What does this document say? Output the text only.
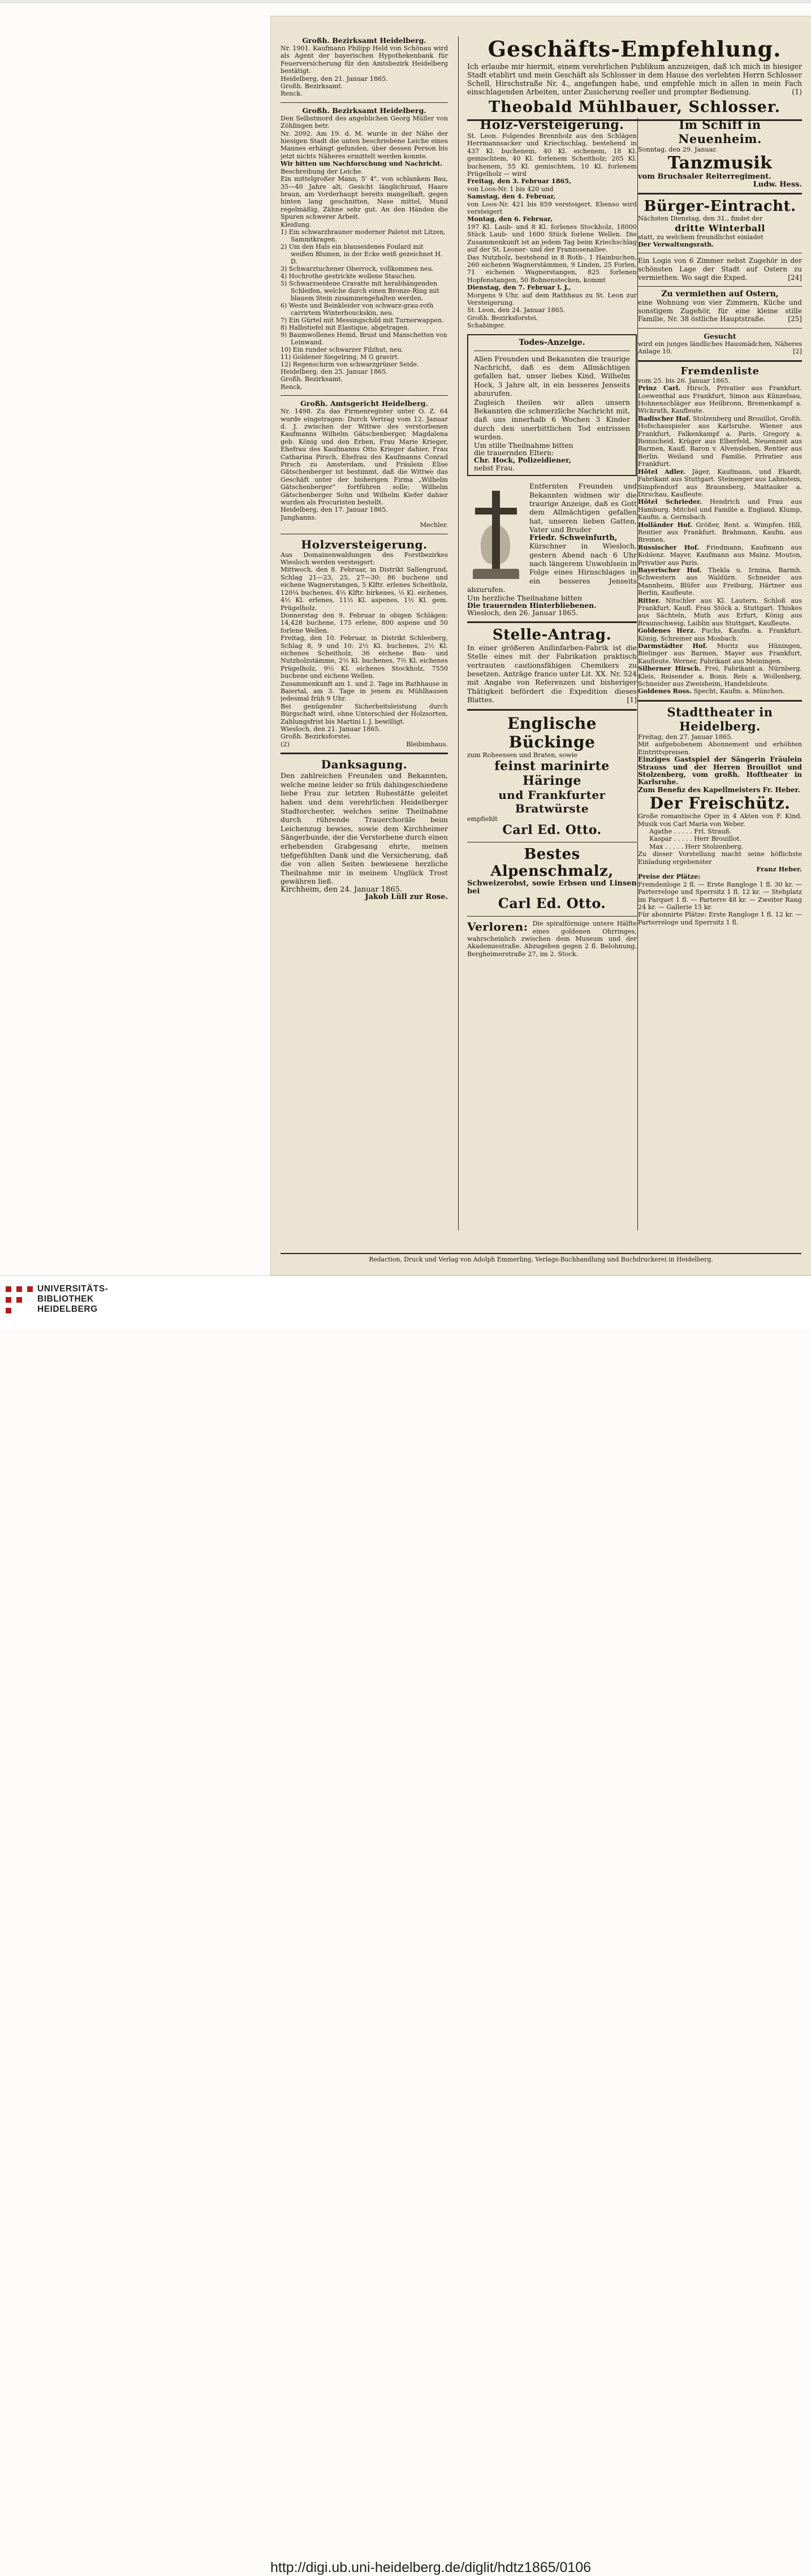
Großh. Bezirksamt Heidelberg.

Nr. 1901. Kaufmann Philipp Held von Schönau wird als Agent der bayerischen Hypothekenbank für Feuerversicherung für den Amtsbezirk Heidelberg bestätigt.

Heidelberg, den 21. Januar 1865.

Großh. Bezirksamt.

Renck.

Großh. Bezirksamt Heidelberg.

Den Selbstmord des angeblichen Georg Müller von Zöhlingen betr.

Nr. 2092. Am 19. d. M. wurde in der Nähe der hiesigen Stadt die unten beschriebene Leiche eines Mannes erhängt gefunden, über dessen Person bis jetzt nichts Näheres ermittelt werden konnte.

Wir bitten um Nachforschung und Nachricht.

Beschreibung der Leiche.

Ein mittelgroßer Mann, 5' 4", von schlankem Bau, 35—40 Jahre alt, Gesicht länglichrund, Haare braun, am Vorderhaupt bereits mangelhaft, gegen hinten lang geschnitten, Nase mittel, Mund regelmäßig, Zähne sehr gut. An den Händen die Spuren schwerer Arbeit.

Kleidung.

1) Ein schwarzbrauner moderner Paletot mit Litzen, Sammtkragen.
2) Um den Hals ein blauseidenes Foulard mit weißen Blumen, in der Ecke weiß gezeichnet H. D.
3) Schwarztuchener Oberrock, vollkommen neu.
4) Hochrothe gestrickte wollene Stauchen.
5) Schwarzseidene Cravatte mit herabhängenden Schleifen, welche durch einen Bronze-Ring mit blauem Stein zusammengehalten werden.
6) Weste und Beinkleider von schwarz-grau-roth carrirtem Winterbouckskin, neu.
7) Ein Gürtel mit Messingschild mit Turnerwappen.
8) Halbstiefel mit Elastique, abgetragen.
9) Baumwollenes Hemd, Brust und Manschetten von Leinwand.
10) Ein runder schwarzer Filzhut, neu.
11) Goldener Siegelring, M G gravirt.
12) Regenschirm von schwarzgrüner Seide.

Heidelberg, den 25. Januar 1865.

Großh. Bezirksamt.

Renck.

Großh. Amtsgericht Heidelberg.

Nr. 1498. Zu das Firmenregister unter O. Z. 64 wurde eingetragen: Durch Vertrag vom 12. Januar d. J. zwischen der Wittwe des verstorbenen Kaufmanns Wilhelm Gätschenberger, Magdalena geb. König und den Erben, Frau Marie Krieger, Ehefrau des Kaufmanns Otto Krieger dahier, Frau Catharina Pirsch, Ehefrau des Kaufmanns Conrad Pirsch zu Amsterdam, und Fräulein Elise Gätschenberger ist bestimmt, daß die Wittwe das Geschäft unter der bisherigen Firma „Wilhelm Gätschenberger“ fortführen solle; Wilhelm Gätschenberger Sohn und Wilhelm Kiefer dahier wurden als Procuristen bestellt.

Heidelberg, den 17. Januar 1865.

Junghanns.

Mechler.

Holzversteigerung.

Aus Domainenwaldungen des Forstbezirkes Wiesloch werden versteigert:

Mittwoch, den 8. Februar, in Distrikt Sallengrund, Schlag 21—23, 25, 27—30: 86 buchene und eichene Wagnerstangen, 5 Klftr. erlenes Scheitholz, 120¼ buchenes, 4½ Klftr. birkenes, ½ Kl. eichenes, 4½ Kl. erlenes, 11½ Kl. aspenes, 1½ Kl. gem. Prügelholz.

Donnerstag den 9. Februar in obigen Schlägen: 14,428 buchene, 175 erlene, 800 aspene und 50 forlene Wellen.

Freitag, den 10. Februar, in Distrikt Schleeberg, Schlag 8, 9 und 10: 2½ Kl. buchenes, 2½ Kl. eichenes Scheitholz, 36 eichene Bau- und Nutzholzstämme, 2½ Kl. buchenes, 7½ Kl. eichenes Prügelholz, 9½ Kl. eichenes Stockholz, 7550 buchene und eichene Wellen.

Zusammenkunft am 1. und 2. Tage im Rathhause in Baiertal, am 3. Tage in jenem zu Mühlhausen jedesmal früh 9 Uhr.

Bei genügender Sicherheitsleistung durch Bürgschaft wird, ohne Unterschied der Holzsorten, Zahlungsfrist bis Martini l. J. bewilligt.

Wiesloch, den 21. Januar 1865.

Großh. Bezirksforstei.

(2)	Bleibimhaus.

Danksagung.

Den zahlreichen Freunden und Bekannten, welche meine leider so früh dahingeschiedene liebe Frau zur letzten Ruhestätte geleitet haben und dem verehrlichen Heidelberger Stadtorchester, welches seine Theilnahme durch rührende Trauerchoräle beim Leichenzug bewies, sowie dem Kirchheimer Sängerbunde, der die Verstorbene durch einen erhebenden Grabgesang ehrte, meinen tiefgefühlten Dank und die Versicherung, daß die von allen Seiten bewiesene herzliche Theilnahme mir in meinem Unglück Trost gewähren ließ.

Kirchheim, den 24. Januar 1865.

Jakob Lüll zur Rose.

Geschäfts-Empfehlung.

Ich erlaube mir hiermit, einem verehrlichen Publikum anzuzeigen, daß ich mich in hiesiger Stadt etablirt und mein Geschäft als Schlosser in dem Hause des verlebten Herrn Schlosser Schell, Hirschstraße Nr. 4., angefangen habe, und empfehle mich in allen in mein Fach einschlagenden Arbeiten, unter Zusicherung reeller und prompter Bedienung.	(1)

Theobald Mühlbauer, Schlosser.
Holz-Versteigerung.

St. Leon. Folgendes Brennholz aus den Schlägen Herrmannsacker und Kriechschlag, bestehend in 437 Kl. buchenem, 40 Kl. eichenem, 18 Kl. gemischtem, 40 Kl. forlenem Scheitholz; 205 Kl. buchenem, 55 Kl. gemischtem, 10 Kl. forlenem Prügelholz — wird

Freitag, den 3. Februar 1865,

von Loos-Nr. 1 bis 420 und

Samstag, den 4. Februar,

von Loos-Nr. 421 bis 859 versteigert. Ebenso wird versteigert

Montag, den 6. Februar,

197 Kl. Laub- und 8 Kl. forlenes Stockholz, 18000 Stück Laub- und 1600 Stück forlene Wellen. Die Zusammenkunft ist an jedem Tag beim Kriechschlag auf der St. Leoner- und der Franzosenallee.

Das Nutzholz, bestehend in 8 Roth-, 1 Hainbuchen, 260 eichenen Wagnerstämmen, 9 Linden, 25 Forlen, 71 eichenen Wagnerstangen, 825 forlenen Hopfenstangen, 50 Bohnenstecken, kommt

Dienstag, den 7. Februar l. J.,

Morgens 9 Uhr, auf dem Rathhaus zu St. Leon zur Versteigerung.

St. Leon, den 24. Januar 1865.

Großh. Bezirksforstei.

Schabinger.

Todes-Anzeige.

Allen Freunden und Bekannten die traurige Nachricht, daß es dem Allmächtigen gefallen hat, unser liebes Kind, Wilhelm Hock, 3 Jahre alt, in ein besseres Jenseits abzurufen.

Zugleich theilen wir allen unsern Bekannten die schmerzliche Nachricht mit, daß uns innerhalb 6 Wochen 3 Kinder durch den unerbittlichen Tod entrissen wurden.

Um stille Theilnahme bitten

die trauernden Eltern:

Chr. Hock, Polizeidiener,

nebst Frau.

Entfernten Freunden und Bekannten widmen wir die traurige Anzeige, daß es Gott dem Allmächtigen gefallen hat, unseren lieben Gatten, Vater und Bruder

Friedr. Schweinfurth,

Kürschner in Wiesloch, gestern Abend nach 6 Uhr nach längerem Unwohlsein in Folge eines Hirnschlages in ein besseres Jenseits abzurufen.

Um herzliche Theilnahme bitten

Die trauernden Hinterbliebenen.

Wiesloch, den 26. Januar 1865.

Stelle-Antrag.

In einer größeren Anilinfarben-Fabrik ist die Stelle eines mit der Fabrikation praktisch vertrauten cautionsfähigen Chemikers zu besetzen. Anträge franco unter Lit. XX. Nr. 524 mit Angabe von Referenzen und bisheriger Thätigkeit befördert die Expedition dieses Blattes.	[1]

Englische Bückinge

zum Roheessen und Braten, sowie

feinst marinirte Häringe
und Frankfurter Bratwürste

empfiehlt

Carl Ed. Otto.
Bestes Alpenschmalz,

Schweizerobst, sowie Erbsen und Linsen bei

Carl Ed. Otto.
Verloren: Die spiralförmige untere Hälfte eines goldenen Ohrringes, wahrscheinlich zwischen dem Museum und der Akademiestraße. Abzugeben gegen 2 fl. Belohnung, Bergheimerstraße 27, im 2. Stock.

Im Schiff in Neuenheim.

Sonntag, den 29. Januar.

Tanzmusik

vom Bruchsaler Reiterregiment.

Ludw. Hess.

Bürger-Eintracht.

Nächsten Dienstag, den 31., findet der

dritte Winterball

statt, zu welchem freundlichst einladet

Der Verwaltungsrath.

Ein Logis von 6 Zimmer nebst Zugehör in der schönsten Lage der Stadt auf Ostern zu vermiethen. Wo sagt die Exped.	[24]

Zu vermiethen auf Ostern,

eine Wohnung von vier Zimmern, Küche und sonstigem Zugehör, für eine kleine stille Familie, Nr. 38 östliche Hauptstraße.	[25]

Gesucht

wird ein junges ländliches Hausmädchen, Näheres Anlage 10.	[2]

Fremdenliste

vom 25. bis 26. Januar 1865.

Prinz Carl. Hirsch, Privatier aus Frankfurt. Loewenthal aus Frankfurt, Simon aus Künzelsau, Hohnenschläger aus Heilbronn, Bremenkampf a. Wickrath, Kaufleute.

Badischer Hof. Stolzenberg und Brouillot, Großh. Hofschauspieler aus Karlsruhe. Wiener aus Frankfurt, Falkenkampf a. Paris, Gregory a. Remscheid, Krüger aus Elberfeld, Neuenzeit aus Barmen, Kaufl. Baron v. Alvensleben, Rentier aus Berlin. Weiland und Familie, Privatier aus Frankfurt.

Hôtel Adler. Jäger, Kaufmann, und Ekardt, Fabrikant aus Stuttgart. Steinenger aus Lahnstein, Simpfendorf aus Braunsberg, Mattauker a. Dirschau, Kaufleute.

Hôtel Schrieder. Hendrich und Frau aus Hamburg. Mitchel und Familie a. England. Klump, Kaufm. a. Gernsbach.

Holländer Hof. Größer, Rent. a. Wimpfen. Hill, Rentier aus Frankfurt. Brahmann, Kaufm. aus Bremen.

Russischer Hof. Friedmann, Kaufmann aus Koblenz. Mayer, Kaufmann aus Mainz. Mouton, Privatier aus Paris.

Bayerischer Hof. Thekla u. Irmina, Barmh. Schwestern aus Waldürn. Schneider aus Mannheim, Blüfer aus Freiburg, Härtner aus Berlin, Kaufleute.

Ritter. Nitschler aus Kl. Lautern, Schloß aus Frankfurt, Kaufl. Frau Stöck a. Stuttgart. Thiskes aus Sächteln, Muth aus Erfurt, König aus Braunschweig, Laiblin aus Stuttgart, Kaufleute.

Goldenes Herz. Fuchs, Kaufm. a. Frankfurt. König, Schreiner aus Mosbach.

Darmstädter Hof. Moritz aus Hüningen, Bielinger aus Barmen, Mayer aus Frankfurt, Kaufleute. Werner, Fabrikant aus Meiningen.

Silberner Hirsch. Frei, Fabrikant a. Nürnberg. Kleis, Reisender a. Bonn. Reis a. Wollenberg, Schneider aus Zweisheim, Handelsleute.

Goldenes Ross. Specht, Kaufm. a. München.

Stadttheater in Heidelberg.

Freitag, den 27. Januar 1865.

Mit aufgehobenem Abonnement und erhöhten Eintrittspreisen.

Einziges Gastspiel der Sängerin Fräulein Strauss und der Herren Brouillot und Stolzenberg, vom großh. Hoftheater in Karlsruhe.

Zum Benefiz des Kapellmeisters Fr. Heber.

Der Freischütz.

Große romantische Oper in 4 Akten von F. Kind. Musik von Carl Maria von Weber.

Agathe . . . . . Frl. Strauß.

Kaspar . . . . . Herr Brouillot.

Max . . . . . Herr Stolzenberg.

Zu dieser Vorstellung macht seine höflichste Einladung ergebenster

Franz Heber.

Preise der Plätze:

Fremdenloge 2 fl. — Erste Rangloge 1 fl. 30 kr. — Parterreloge und Sperrsitz 1 fl. 12 kr. — Stehplatz im Parquet 1 fl. — Parterre 48 kr. — Zweiter Rang 24 kr. — Gallerie 15 kr.

Für abonnirte Plätze: Erste Rangloge 1 fl. 12 kr. — Parterreloge und Sperrsitz 1 fl.

Redaction, Druck und Verlag von Adolph Emmerling, Verlags-Buchhandlung und Buchdruckerei in Heidelberg.
UNIVERSITÄTS-
BIBLIOTHEK
HEIDELBERG
http://digi.ub.uni-heidelberg.de/diglit/hdtz1865/0106
